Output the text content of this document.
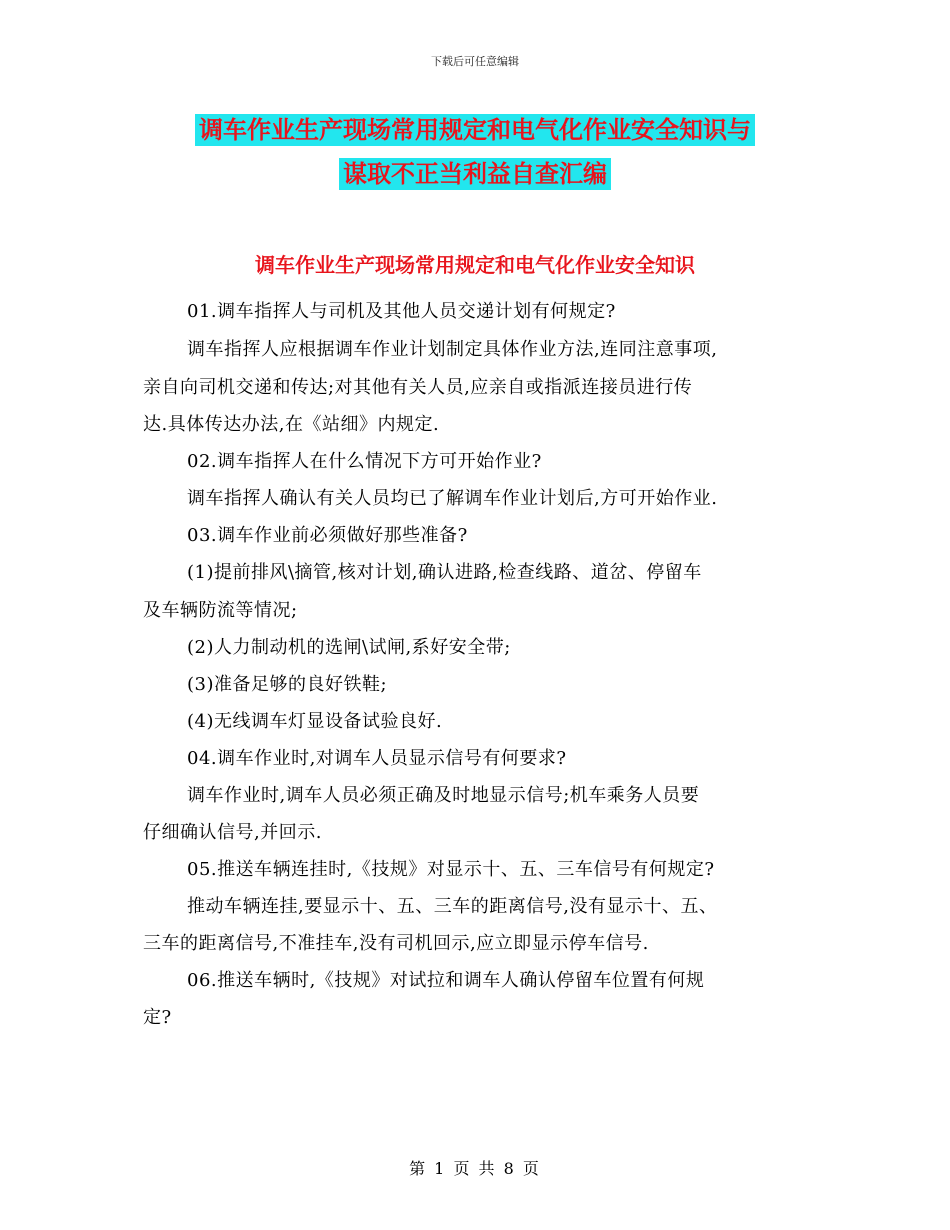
下载后可任意编辑
调车作业生产现场常用规定和电气化作业安全知识与
谋取不正当利益自查汇编
调车作业生产现场常用规定和电气化作业安全知识
01.调车指挥人与司机及其他人员交递计划有何规定?
调车指挥人应根据调车作业计划制定具体作业方法,连同注意事项,
亲自向司机交递和传达;对其他有关人员,应亲自或指派连接员进行传
达.具体传达办法,在《站细》内规定.
02.调车指挥人在什么情况下方可开始作业?
调车指挥人确认有关人员均已了解调车作业计划后,方可开始作业.
03.调车作业前必须做好那些准备?
(1)提前排风\摘管,核对计划,确认进路,检查线路、道岔、停留车
及车辆防流等情况;
(2)人力制动机的选闸\试闸,系好安全带;
(3)准备足够的良好铁鞋;
(4)无线调车灯显设备试验良好.
04.调车作业时,对调车人员显示信号有何要求?
调车作业时,调车人员必须正确及时地显示信号;机车乘务人员要
仔细确认信号,并回示.
05.推送车辆连挂时,《技规》对显示十、五、三车信号有何规定?
推动车辆连挂,要显示十、五、三车的距离信号,没有显示十、五、
三车的距离信号,不准挂车,没有司机回示,应立即显示停车信号.
06.推送车辆时,《技规》对试拉和调车人确认停留车位置有何规
定?
第 1 页 共 8 页
